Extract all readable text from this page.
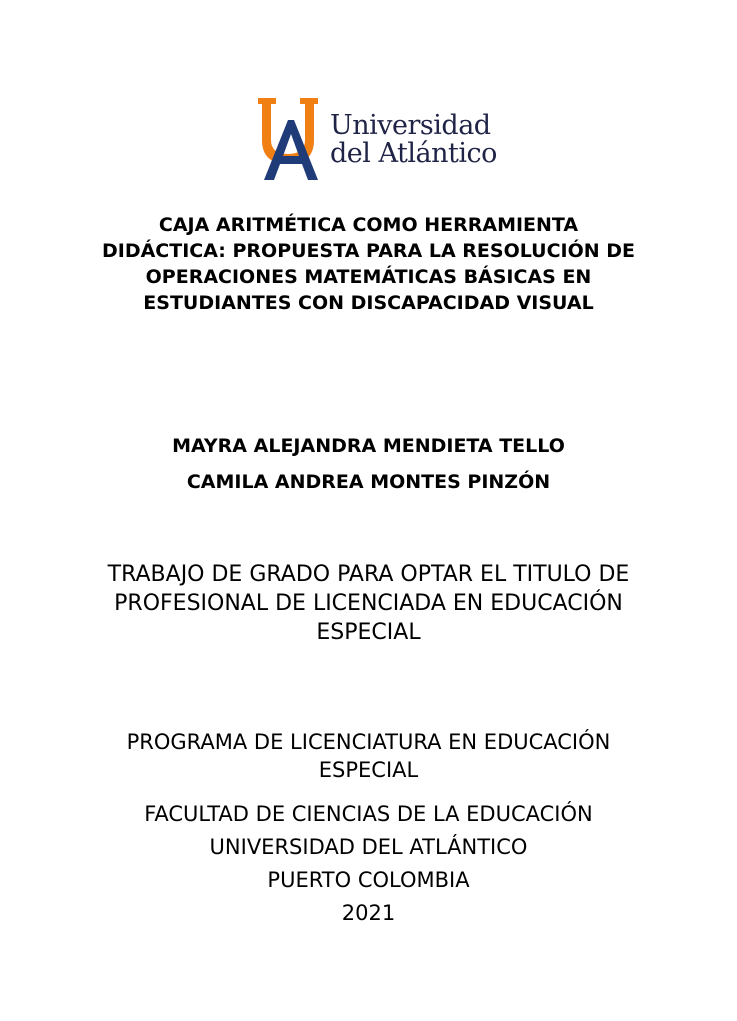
Universidad
del Atlántico
CAJA ARITMÉTICA COMO HERRAMIENTA
DIDÁCTICA: PROPUESTA PARA LA RESOLUCIÓN DE
OPERACIONES MATEMÁTICAS BÁSICAS EN
ESTUDIANTES CON DISCAPACIDAD VISUAL
MAYRA ALEJANDRA MENDIETA TELLO
CAMILA ANDREA MONTES PINZÓN
TRABAJO DE GRADO PARA OPTAR EL TITULO DE
PROFESIONAL DE LICENCIADA EN EDUCACIÓN
ESPECIAL
PROGRAMA DE LICENCIATURA EN EDUCACIÓN
ESPECIAL
FACULTAD DE CIENCIAS DE LA EDUCACIÓN
UNIVERSIDAD DEL ATLÁNTICO
PUERTO COLOMBIA
2021
